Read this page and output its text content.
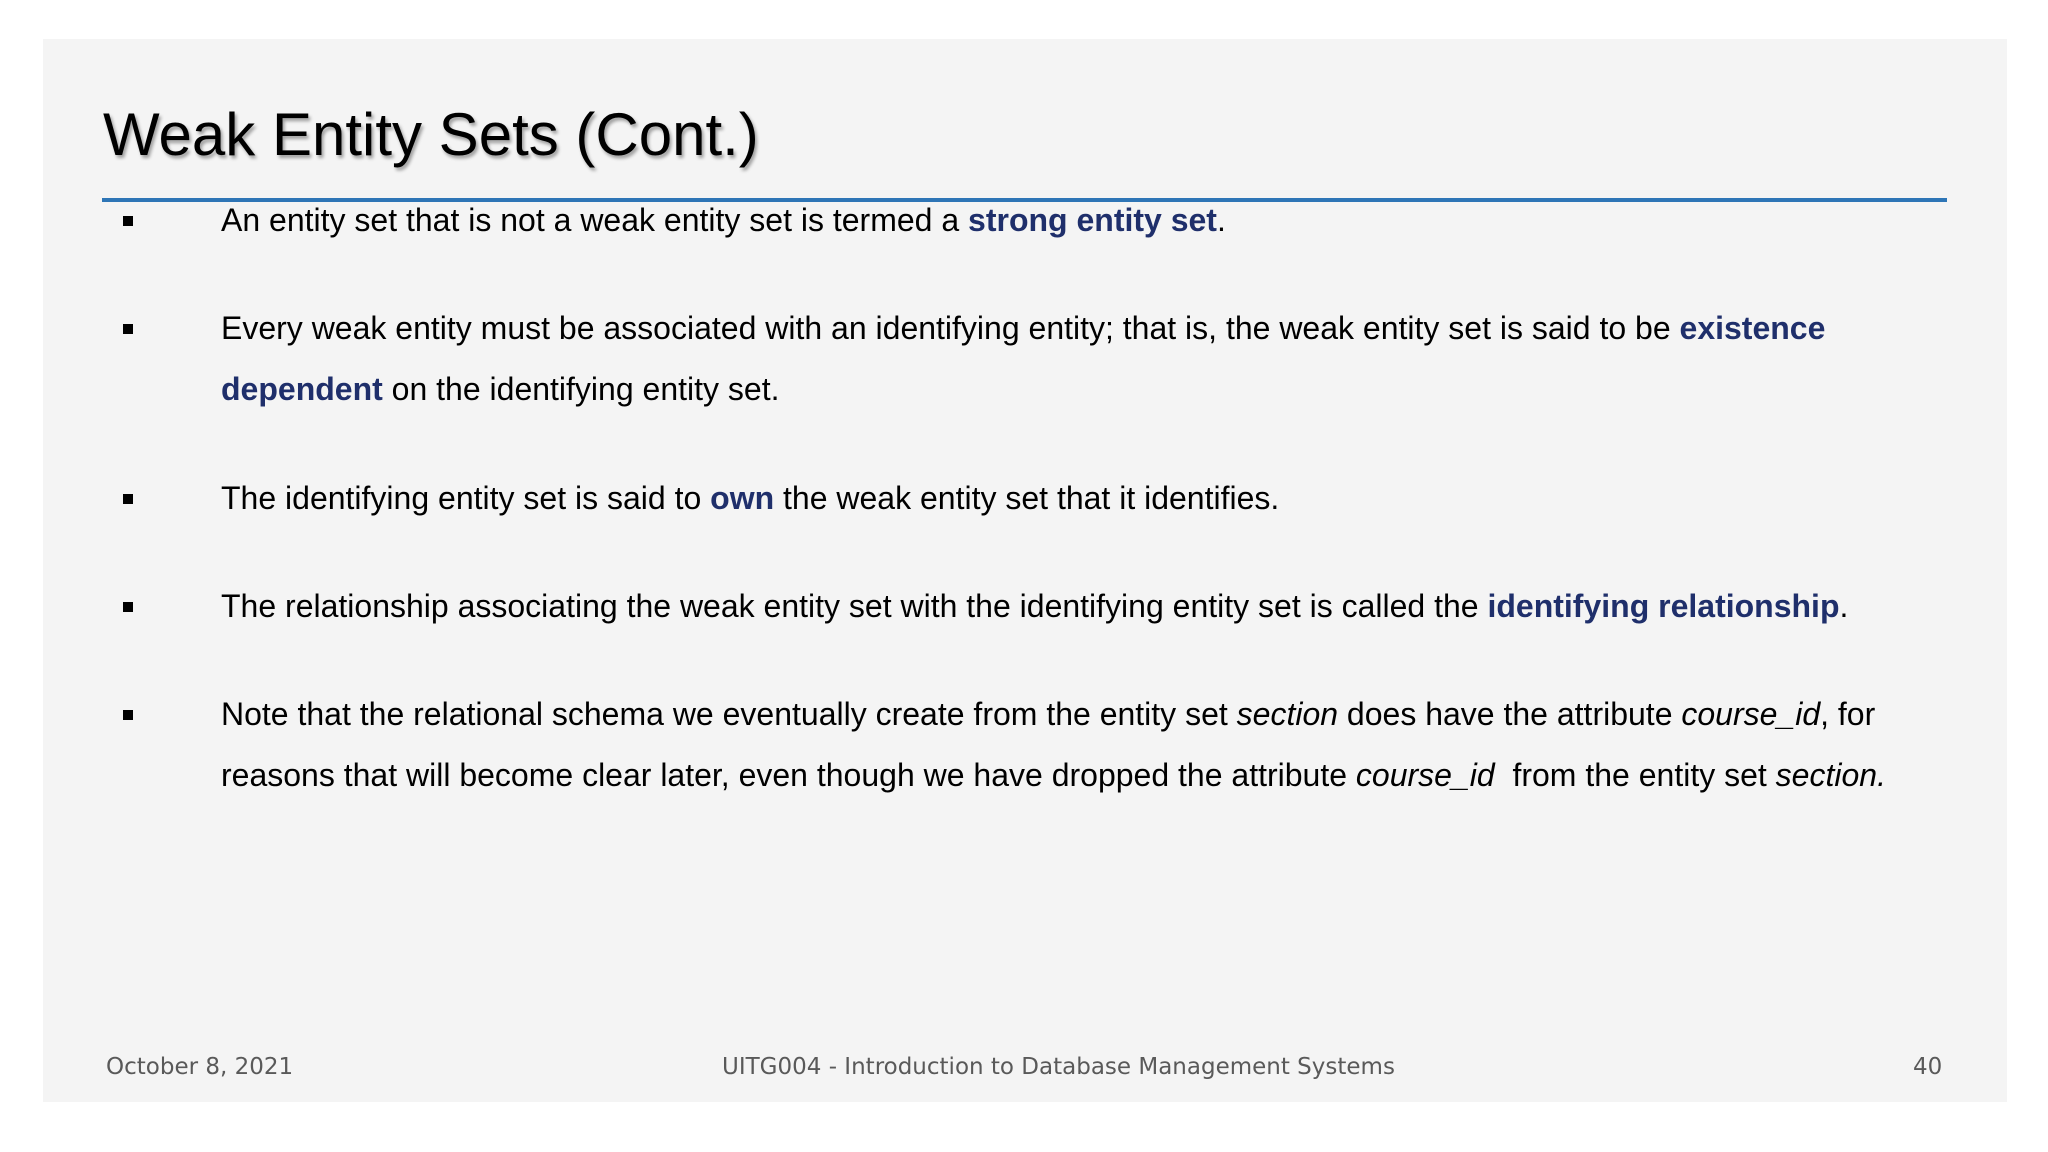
Weak Entity Sets (Cont.)
An entity set that is not a weak entity set is termed a strong entity set.
Every weak entity must be associated with an identifying entity; that is, the weak entity set is said to be existence dependent on the identifying entity set.
The identifying entity set is said to own the weak entity set that it identifies.
The relationship associating the weak entity set with the identifying entity set is called the identifying relationship.
Note that the relational schema we eventually create from the entity set section does have the attribute course_id, for reasons that will become clear later, even though we have dropped the attribute course_id  from the entity set section.
October 8, 2021	UITG004 - Introduction to Database Management Systems	40
